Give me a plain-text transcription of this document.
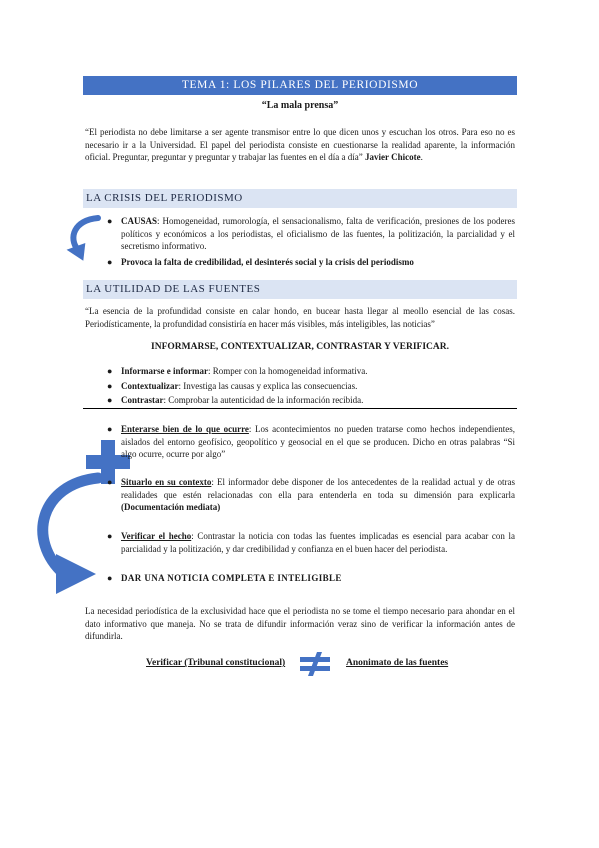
TEMA 1: LOS PILARES DEL PERIODISMO
“La mala prensa”
“El periodista no debe limitarse a ser agente transmisor entre lo que dicen unos y escuchan los otros. Para eso no es necesario ir a la Universidad. El papel del periodista consiste en cuestionarse la realidad aparente, la información oficial. Preguntar, preguntar y preguntar y trabajar las fuentes en el día a día” Javier Chicote.
LA CRISIS DEL PERIODISMO
● CAUSAS: Homogeneidad, rumorología, el sensacionalismo, falta de verificación, presiones de los poderes políticos y económicos a los periodistas, el oficialismo de las fuentes, la politización, la parcialidad y el secretismo informativo.
● Provoca la falta de credibilidad, el desinterés social y la crisis del periodismo
LA UTILIDAD DE LAS FUENTES
“La esencia de la profundidad consiste en calar hondo, en bucear hasta llegar al meollo esencial de las cosas. Periodísticamente, la profundidad consistiría en hacer más visibles, más inteligibles, las noticias”
INFORMARSE, CONTEXTUALIZAR, CONTRASTAR Y VERIFICAR.
● Informarse e informar: Romper con la homogeneidad informativa.
● Contextualizar: Investiga las causas y explica las consecuencias.
● Contrastar: Comprobar la autenticidad de la información recibida.
● Enterarse bien de lo que ocurre: Los acontecimientos no pueden tratarse como hechos independientes, aislados del entorno geofísico, geopolítico y geosocial en el que se producen. Dicho en otras palabras “Si algo ocurre, ocurre por algo”
● Situarlo en su contexto: El informador debe disponer de los antecedentes de la realidad actual y de otras realidades que estén relacionadas con ella para entenderla en toda su dimensión para explicarla (Documentación mediata)
● Verificar el hecho: Contrastar la noticia con todas las fuentes implicadas es esencial para acabar con la parcialidad y la politización, y dar credibilidad y confianza en el buen hacer del periodista.
● DAR UNA NOTICIA COMPLETA E INTELIGIBLE
La necesidad periodística de la exclusividad hace que el periodista no se tome el tiempo necesario para ahondar en el dato informativo que maneja. No se trata de difundir información veraz sino de verificar la información antes de difundirla.
Verificar (Tribunal constitucional)	Anonimato de las fuentes
